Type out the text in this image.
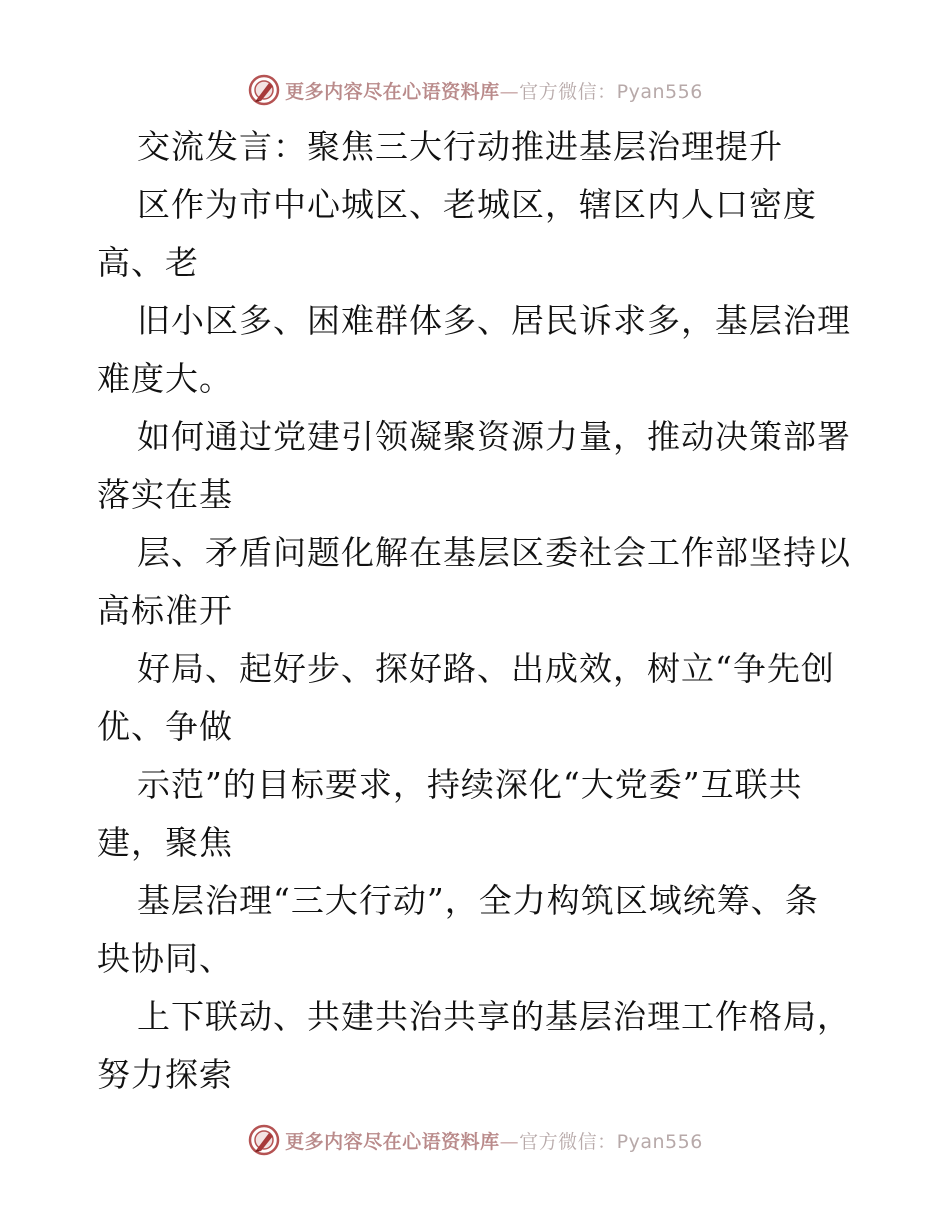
更多内容尽在心语资料库—官方微信：Pyan556
交流发言：聚焦三大行动推进基层治理提升
区作为市中心城区、老城区，辖区内人口密度
高、老
旧小区多、困难群体多、居民诉求多，基层治理
难度大。
如何通过党建引领凝聚资源力量，推动决策部署
落实在基
层、矛盾问题化解在基层区委社会工作部坚持以
高标准开
好局、起好步、探好路、出成效，树立“争先创
优、争做
示范”的目标要求，持续深化“大党委”互联共
建，聚焦
基层治理“三大行动”，全力构筑区域统筹、条
块协同、
上下联动、共建共治共享的基层治理工作格局，
努力探索
更多内容尽在心语资料库—官方微信：Pyan556
